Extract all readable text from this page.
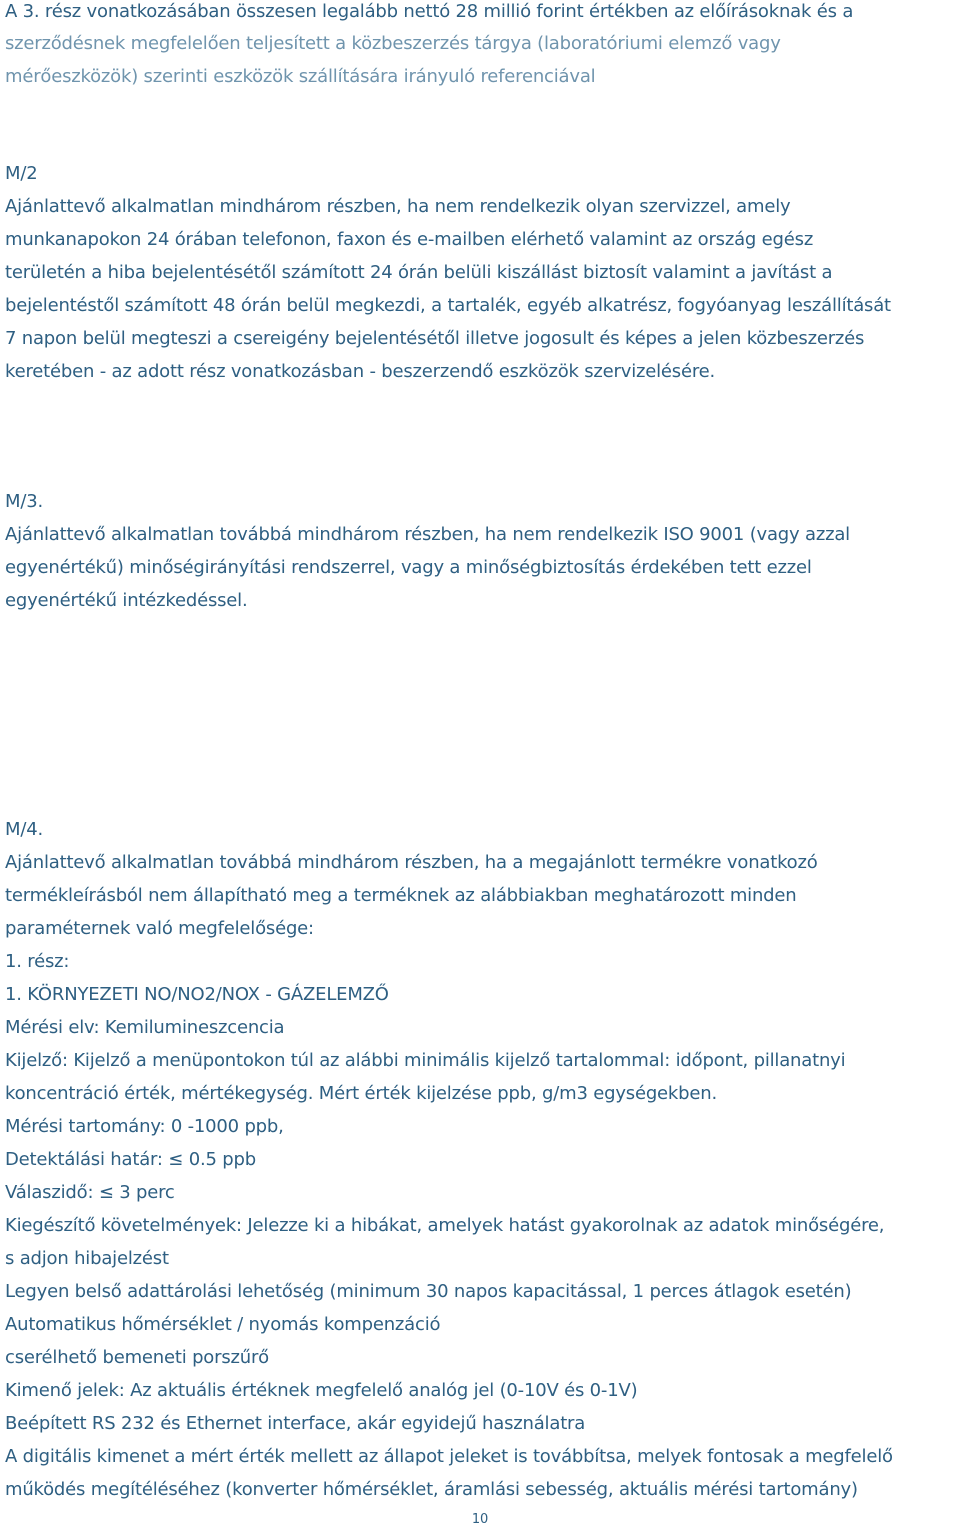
A 3. rész vonatkozásában összesen legalább nettó 28 millió forint értékben az előírásoknak és a
szerződésnek megfelelően teljesített a közbeszerzés tárgya (laboratóriumi elemző vagy
mérőeszközök) szerinti eszközök szállítására irányuló referenciával
M/2
Ajánlattevő alkalmatlan mindhárom részben, ha nem rendelkezik olyan szervizzel, amely
munkanapokon 24 órában telefonon, faxon és e-mailben elérhető valamint az ország egész
területén a hiba bejelentésétől számított 24 órán belüli kiszállást biztosít valamint a javítást a
bejelentéstől számított 48 órán belül megkezdi, a tartalék, egyéb alkatrész, fogyóanyag leszállítását
7 napon belül megteszi a csereigény bejelentésétől illetve jogosult és képes a jelen közbeszerzés
keretében - az adott rész vonatkozásban - beszerzendő eszközök szervizelésére.
M/3.
Ajánlattevő alkalmatlan továbbá mindhárom részben, ha nem rendelkezik ISO 9001 (vagy azzal
egyenértékű) minőségirányítási rendszerrel, vagy a minőségbiztosítás érdekében tett ezzel
egyenértékű intézkedéssel.
M/4.
Ajánlattevő alkalmatlan továbbá mindhárom részben, ha a megajánlott termékre vonatkozó
termékleírásból nem állapítható meg a terméknek az alábbiakban meghatározott minden
paraméternek való megfelelősége:
1. rész:
1. KÖRNYEZETI NO/NO2/NOX - GÁZELEMZŐ
Mérési elv: Kemilumineszcencia
Kijelző: Kijelző a menüpontokon túl az alábbi minimális kijelző tartalommal: időpont, pillanatnyi
koncentráció érték, mértékegység. Mért érték kijelzése ppb, g/m3 egységekben.
Mérési tartomány: 0 -1000 ppb,
Detektálási határ: ≤ 0.5 ppb
Válaszidő: ≤ 3 perc
Kiegészítő követelmények: Jelezze ki a hibákat, amelyek hatást gyakorolnak az adatok minőségére,
s adjon hibajelzést
Legyen belső adattárolási lehetőség (minimum 30 napos kapacitással, 1 perces átlagok esetén)
Automatikus hőmérséklet / nyomás kompenzáció
cserélhető bemeneti porszűrő
Kimenő jelek: Az aktuális értéknek megfelelő analóg jel (0-10V és 0-1V)
Beépített RS 232 és Ethernet interface, akár egyidejű használatra
A digitális kimenet a mért érték mellett az állapot jeleket is továbbítsa, melyek fontosak a megfelelő
működés megítéléséhez (konverter hőmérséklet, áramlási sebesség, aktuális mérési tartomány)
10
